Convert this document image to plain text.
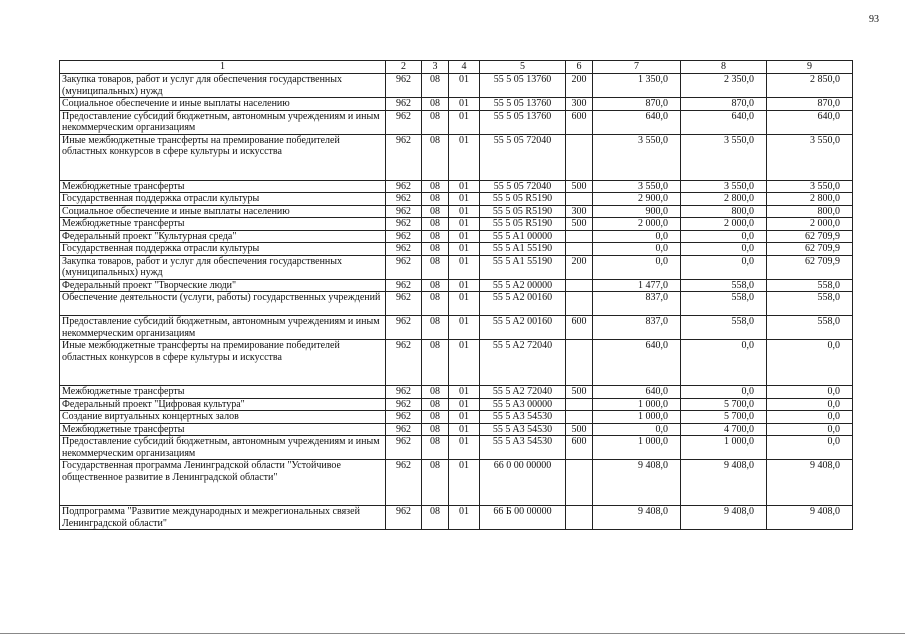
93
1	2	3	4	5	6	7	8	9
Закупка товаров, работ и услуг для обеспечения государственных (муниципальных) нужд	962	08	01	55 5 05 13760	200	1 350,0	2 350,0	2 850,0
Социальное обеспечение и иные выплаты населению	962	08	01	55 5 05 13760	300	870,0	870,0	870,0
Предоставление субсидий бюджетным, автономным учреждениям и иным некоммерческим организациям	962	08	01	55 5 05 13760	600	640,0	640,0	640,0
Иные межбюджетные трансферты на премирование победителей областных конкурсов в сфере культуры и искусства	962	08	01	55 5 05 72040		3 550,0	3 550,0	3 550,0
Межбюджетные трансферты	962	08	01	55 5 05 72040	500	3 550,0	3 550,0	3 550,0
Государственная поддержка отрасли культуры	962	08	01	55 5 05 R5190		2 900,0	2 800,0	2 800,0
Социальное обеспечение и иные выплаты населению	962	08	01	55 5 05 R5190	300	900,0	800,0	800,0
Межбюджетные трансферты	962	08	01	55 5 05 R5190	500	2 000,0	2 000,0	2 000,0
Федеральный проект "Культурная среда"	962	08	01	55 5 A1 00000		0,0	0,0	62 709,9
Государственная поддержка отрасли культуры	962	08	01	55 5 A1 55190		0,0	0,0	62 709,9
Закупка товаров, работ и услуг для обеспечения государственных (муниципальных) нужд	962	08	01	55 5 A1 55190	200	0,0	0,0	62 709,9
Федеральный проект "Творческие люди"	962	08	01	55 5 A2 00000		1 477,0	558,0	558,0
Обеспечение деятельности (услуги, работы) государственных учреждений	962	08	01	55 5 A2 00160		837,0	558,0	558,0
Предоставление субсидий бюджетным, автономным учреждениям и иным некоммерческим организациям	962	08	01	55 5 A2 00160	600	837,0	558,0	558,0
Иные межбюджетные трансферты на премирование победителей областных конкурсов в сфере культуры и искусства	962	08	01	55 5 A2 72040		640,0	0,0	0,0
Межбюджетные трансферты	962	08	01	55 5 A2 72040	500	640,0	0,0	0,0
Федеральный проект "Цифровая культура"	962	08	01	55 5 A3 00000		1 000,0	5 700,0	0,0
Создание виртуальных концертных залов	962	08	01	55 5 A3 54530		1 000,0	5 700,0	0,0
Межбюджетные трансферты	962	08	01	55 5 A3 54530	500	0,0	4 700,0	0,0
Предоставление субсидий бюджетным, автономным учреждениям и иным некоммерческим организациям	962	08	01	55 5 A3 54530	600	1 000,0	1 000,0	0,0
Государственная программа Ленинградской области "Устойчивое общественное развитие в Ленинградской области"	962	08	01	66 0 00 00000		9 408,0	9 408,0	9 408,0
Подпрограмма "Развитие международных и межрегиональных связей Ленинградской области"	962	08	01	66 Б 00 00000		9 408,0	9 408,0	9 408,0
